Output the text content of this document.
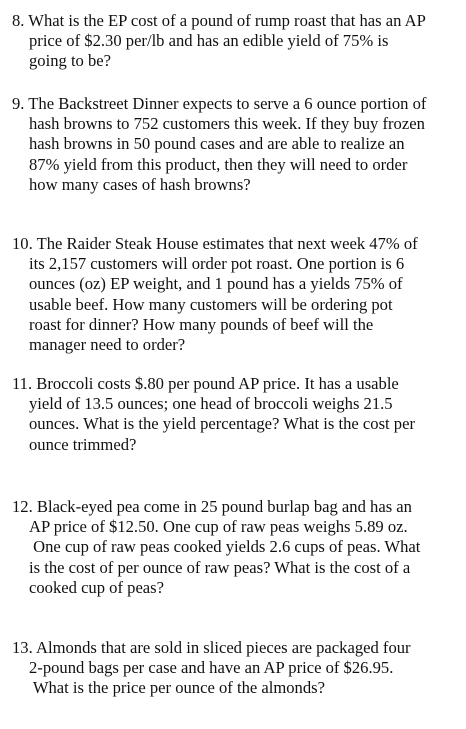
8. What is the EP cost of a pound of rump roast that has an AP
price of $2.30 per/lb and has an edible yield of 75% is
going to be?
9. The Backstreet Dinner expects to serve a 6 ounce portion of
hash browns to 752 customers this week. If they buy frozen
hash browns in 50 pound cases and are able to realize an
87% yield from this product, then they will need to order
how many cases of hash browns?
10. The Raider Steak House estimates that next week 47% of
its 2,157 customers will order pot roast. One portion is 6
ounces (oz) EP weight, and 1 pound has a yields 75% of
usable beef. How many customers will be ordering pot
roast for dinner? How many pounds of beef will the
manager need to order?
11. Broccoli costs $.80 per pound AP price. It has a usable
yield of 13.5 ounces; one head of broccoli weighs 21.5
ounces. What is the yield percentage? What is the cost per
ounce trimmed?
12. Black-eyed pea come in 25 pound burlap bag and has an
AP price of $12.50. One cup of raw peas weighs 5.89 oz.
One cup of raw peas cooked yields 2.6 cups of peas. What
is the cost of per ounce of raw peas? What is the cost of a
cooked cup of peas?
13. Almonds that are sold in sliced pieces are packaged four
2-pound bags per case and have an AP price of $26.95.
What is the price per ounce of the almonds?
